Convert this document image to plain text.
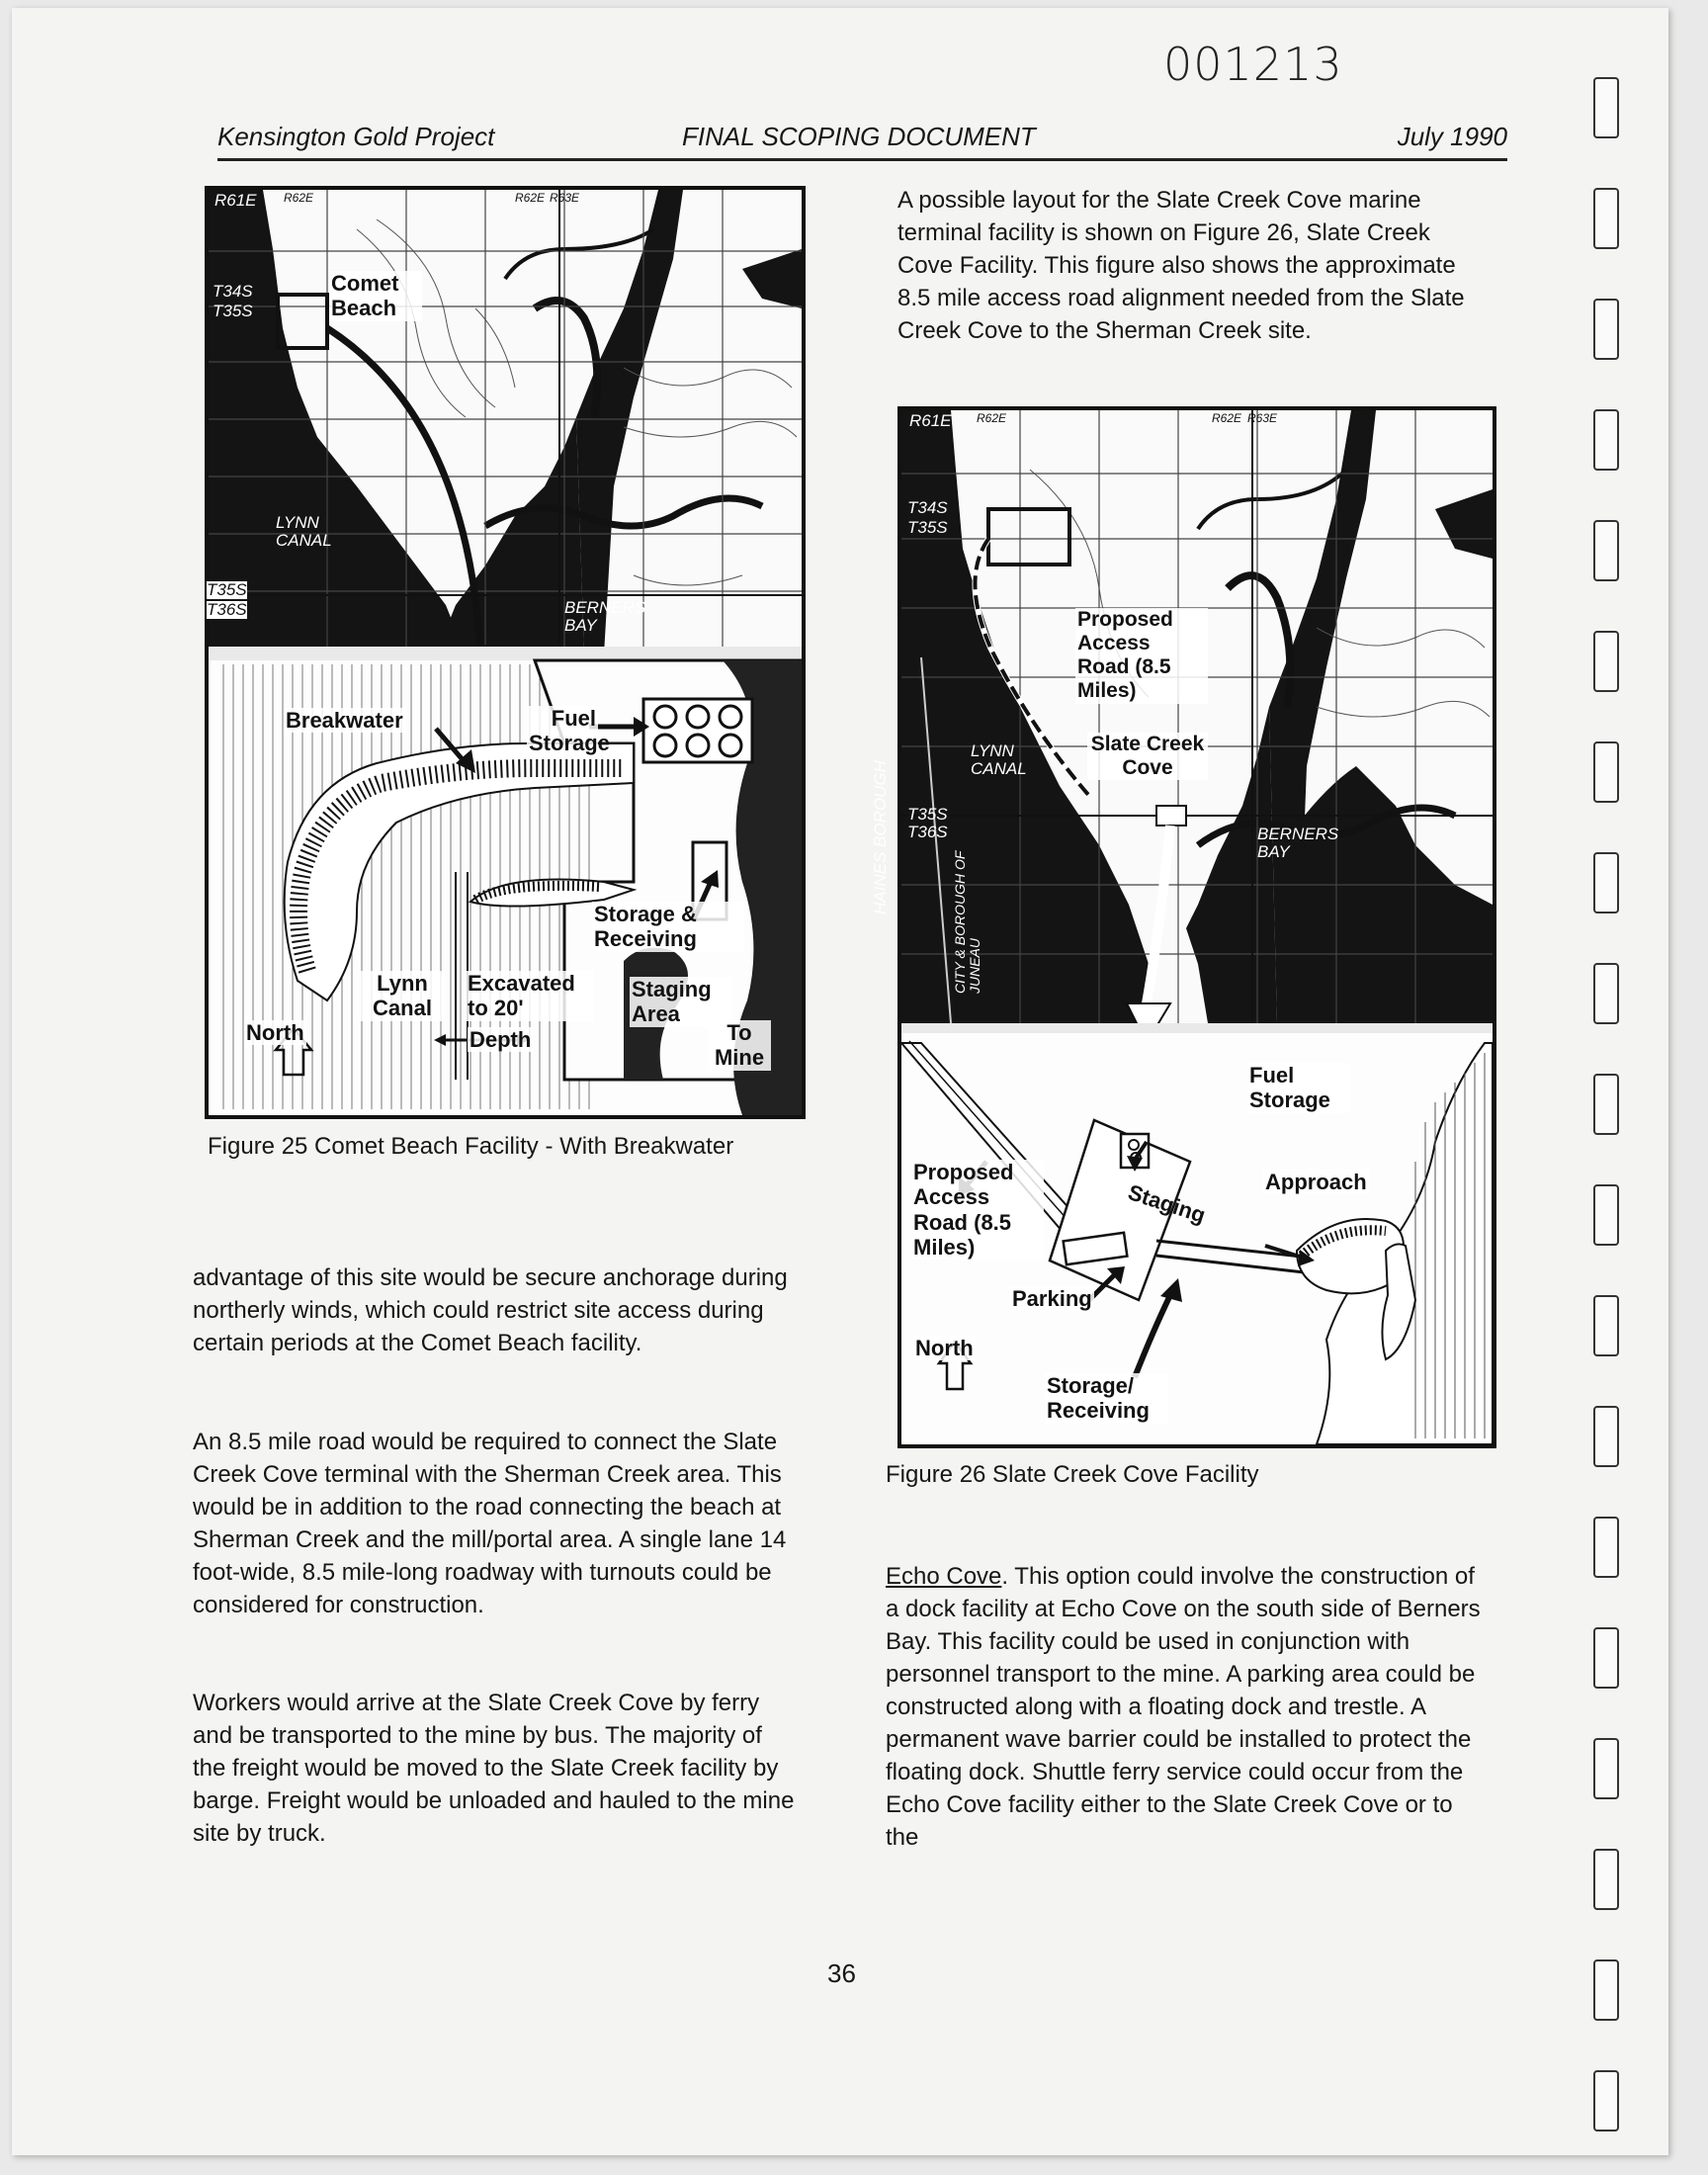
001213
Kensington Gold Project	FINAL SCOPING DOCUMENT	July 1990
R61E R62E	R62E R63E
T34S
T35S
T35S
T36S
LYNN CANAL
BERNERS BAY
Comet Beach
Breakwater	Fuel Storage
Storage & Receiving
Lynn Canal
Excavated to 20'
Depth
Staging Area
To Mine
North
Figure 25 Comet Beach Facility - With Breakwater

A possible layout for the Slate Creek Cove marine terminal facility is shown on Figure 26, Slate Creek Cove Facility. This figure also shows the approximate 8.5 mile access road alignment needed from the Slate Creek Cove to the Sherman Creek site.

R61E R62E	R62E R63E
T34S
T35S
T35S
T36S
LYNN CANAL
BERNERS BAY
HAINES BOROUGH
CITY & BOROUGH OF JUNEAU
Proposed Access Road (8.5 Miles)
Slate Creek Cove
Fuel Storage
Staging	Approach
Proposed Access Road (8.5 Miles)
Parking
North
Storage/ Receiving
Figure 26 Slate Creek Cove Facility

advantage of this site would be secure anchorage during northerly winds, which could restrict site access during certain periods at the Comet Beach facility.

An 8.5 mile road would be required to connect the Slate Creek Cove terminal with the Sherman Creek area. This would be in addition to the road connecting the beach at Sherman Creek and the mill/portal area. A single lane 14 foot-wide, 8.5 mile-long roadway with turnouts could be considered for construction.

Workers would arrive at the Slate Creek Cove by ferry and be transported to the mine by bus. The majority of the freight would be moved to the Slate Creek facility by barge. Freight would be unloaded and hauled to the mine site by truck.

Echo Cove. This option could involve the construction of a dock facility at Echo Cove on the south side of Berners Bay. This facility could be used in conjunction with personnel transport to the mine. A parking area could be constructed along with a floating dock and trestle. A permanent wave barrier could be installed to protect the floating dock. Shuttle ferry service could occur from the Echo Cove facility either to the Slate Creek Cove or to the

36
